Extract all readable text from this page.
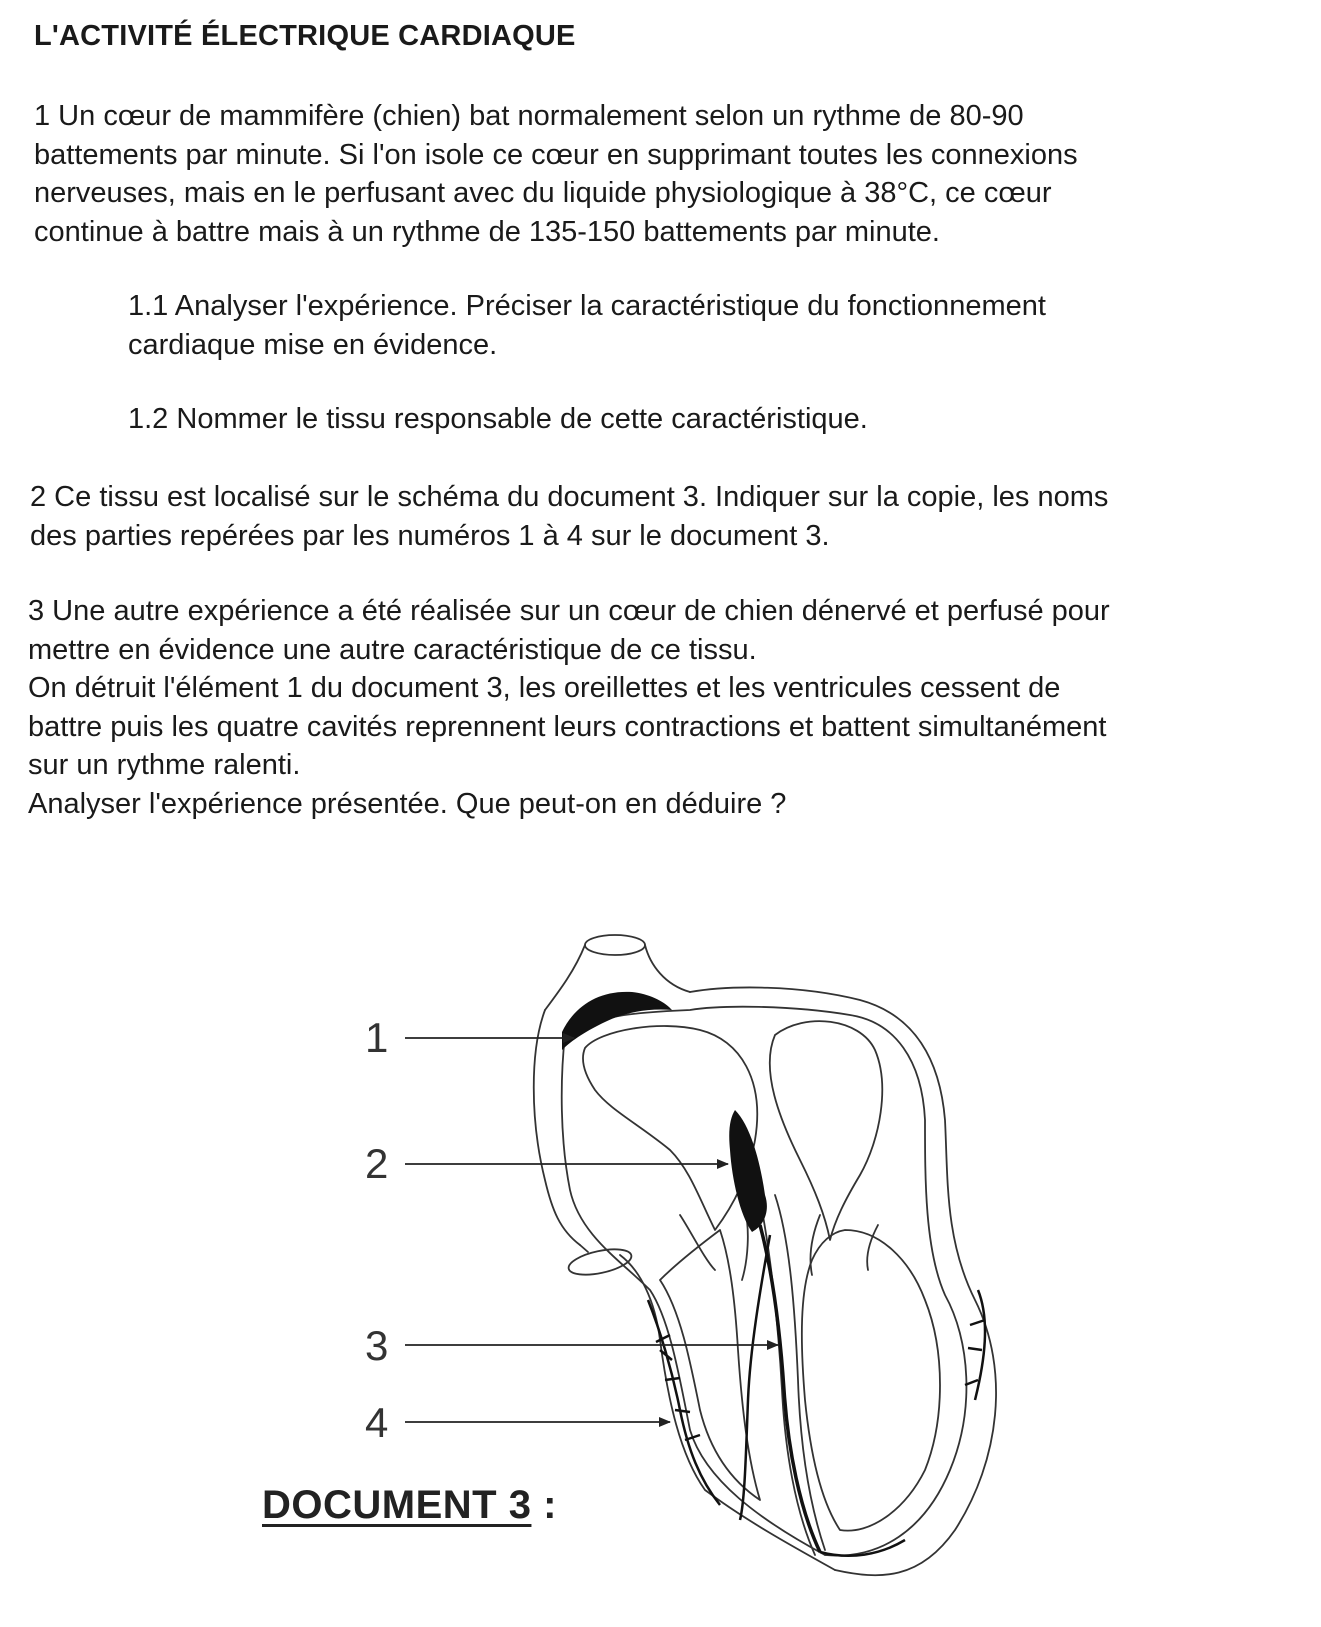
L'ACTIVITÉ ÉLECTRIQUE CARDIAQUE
1 Un cœur de mammifère (chien) bat normalement selon un rythme de 80-90
battements par minute. Si l'on isole ce cœur en supprimant toutes les connexions
nerveuses, mais en le perfusant avec du liquide physiologique à 38°C, ce cœur
continue à battre mais à un rythme de 135-150 battements par minute.
1.1 Analyser l'expérience. Préciser la caractéristique du fonctionnement
cardiaque mise en évidence.
1.2 Nommer le tissu responsable de cette caractéristique.
2 Ce tissu est localisé sur le schéma du document 3. Indiquer sur la copie, les noms
des parties repérées par les numéros 1 à 4 sur le document 3.
3 Une autre expérience a été réalisée sur un cœur de chien dénervé et perfusé pour
mettre en évidence une autre caractéristique de ce tissu.
On détruit l'élément 1 du document 3, les oreillettes et les ventricules cessent de
battre puis les quatre cavités reprennent leurs contractions et battent simultanément
sur un rythme ralenti.
Analyser l'expérience présentée. Que peut-on en déduire ?
1
2
3
4
DOCUMENT 3 :
